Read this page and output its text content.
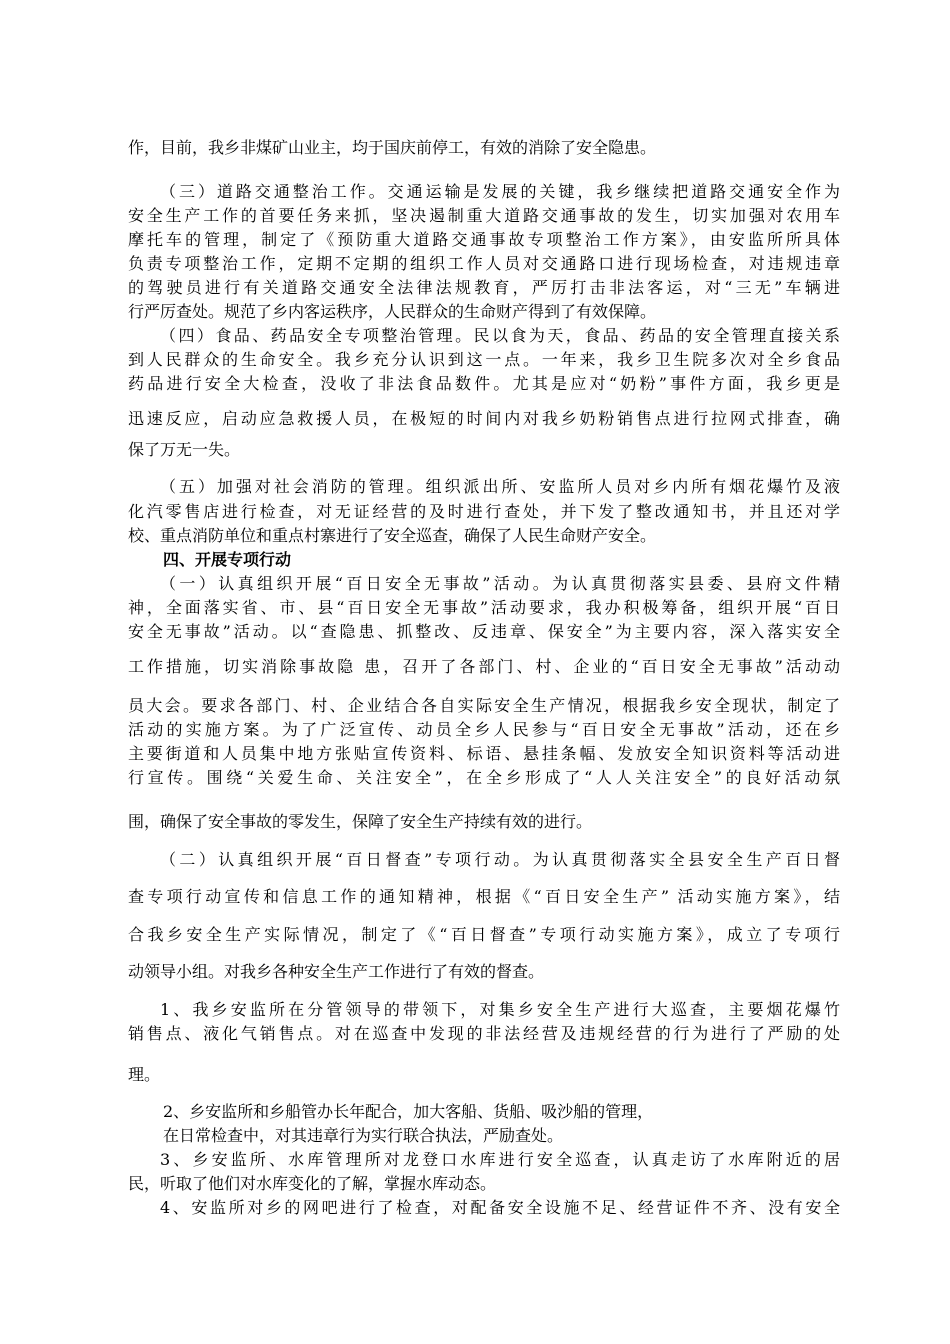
作，目前，我乡非煤矿山业主，均于国庆前停工，有效的消除了安全隐患。
（三）道路交通整治工作。交通运输是发展的关键，我乡继续把道路交通安全作为
安全生产工作的首要任务来抓，坚决遏制重大道路交通事故的发生，切实加强对农用车
摩托车的管理，制定了《预防重大道路交通事故专项整治工作方案》，由安监所所具体
负责专项整治工作，定期不定期的组织工作人员对交通路口进行现场检查，对违规违章
的驾驶员进行有关道路交通安全法律法规教育，严厉打击非法客运，对“三无”车辆进
行严厉查处。规范了乡内客运秩序，人民群众的生命财产得到了有效保障。
（四）食品、药品安全专项整治管理。民以食为天，食品、药品的安全管理直接关系
到人民群众的生命安全。我乡充分认识到这一点。一年来，我乡卫生院多次对全乡食品
药品进行安全大检查，没收了非法食品数件。尤其是应对“奶粉”事件方面，我乡更是
迅速反应，启动应急救援人员，在极短的时间内对我乡奶粉销售点进行拉网式排查，确
保了万无一失。
（五）加强对社会消防的管理。组织派出所、安监所人员对乡内所有烟花爆竹及液
化汽零售店进行检查，对无证经营的及时进行查处，并下发了整改通知书，并且还对学
校、重点消防单位和重点村寨进行了安全巡查，确保了人民生命财产安全。
四、开展专项行动
（一）认真组织开展“百日安全无事故”活动。为认真贯彻落实县委、县府文件精
神，全面落实省、市、县“百日安全无事故”活动要求，我办积极筹备，组织开展“百日
安全无事故”活动。以“查隐患、抓整改、反违章、保安全”为主要内容，深入落实安全
工作措施，切实消除事故隐 患，召开了各部门、村、企业的“百日安全无事故”活动动
员大会。要求各部门、村、企业结合各自实际安全生产情况，根据我乡安全现状，制定了
活动的实施方案。为了广泛宣传、动员全乡人民参与“百日安全无事故”活动，还在乡
主要街道和人员集中地方张贴宣传资料、标语、悬挂条幅、发放安全知识资料等活动进
行宣传。围绕“关爱生命、关注安全”，在全乡形成了“人人关注安全”的良好活动氛
围，确保了安全事故的零发生，保障了安全生产持续有效的进行。
（二）认真组织开展“百日督查”专项行动。为认真贯彻落实全县安全生产百日督
查专项行动宣传和信息工作的通知精神，根据《“百日安全生产” 活动实施方案》，结
合我乡安全生产实际情况，制定了《“百日督查”专项行动实施方案》，成立了专项行
动领导小组。对我乡各种安全生产工作进行了有效的督查。
1、我乡安监所在分管领导的带领下，对集乡安全生产进行大巡查，主要烟花爆竹
销售点、液化气销售点。对在巡查中发现的非法经营及违规经营的行为进行了严励的处
理。
2、乡安监所和乡船管办长年配合，加大客船、货船、吸沙船的管理，
在日常检查中，对其违章行为实行联合执法，严励查处。
3、乡安监所、水库管理所对龙登口水库进行安全巡查，认真走访了水库附近的居
民，听取了他们对水库变化的了解，掌握水库动态。
4、安监所对乡的网吧进行了检查，对配备安全设施不足、经营证件不齐、没有安全
